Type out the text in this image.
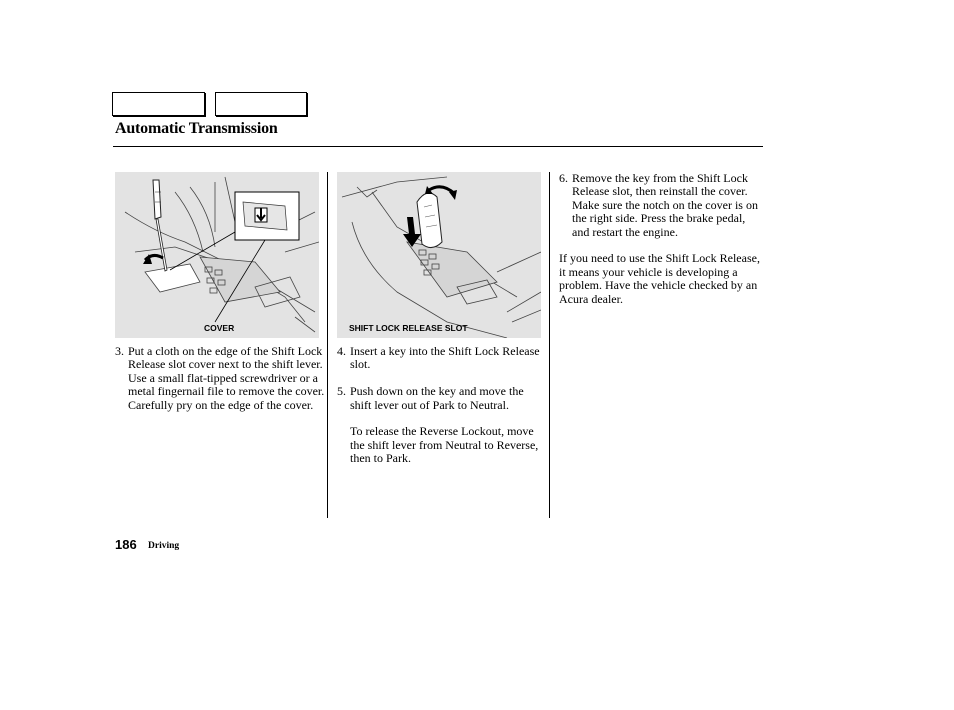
Automatic Transmission
COVER	SHIFT LOCK RELEASE SLOT

3. Put a cloth on the edge of the Shift Lock Release slot cover next to the shift lever. Use a small flat-tipped screwdriver or a metal fingernail file to remove the cover. Carefully pry on the edge of the cover.

4. Insert a key into the Shift Lock Release slot.

5. Push down on the key and move the shift lever out of Park to Neutral.

To release the Reverse Lockout, move the shift lever from Neutral to Reverse, then to Park.

6. Remove the key from the Shift Lock Release slot, then reinstall the cover. Make sure the notch on the cover is on the right side. Press the brake pedal, and restart the engine.

If you need to use the Shift Lock Release, it means your vehicle is developing a problem. Have the vehicle checked by an Acura dealer.

186 Driving
